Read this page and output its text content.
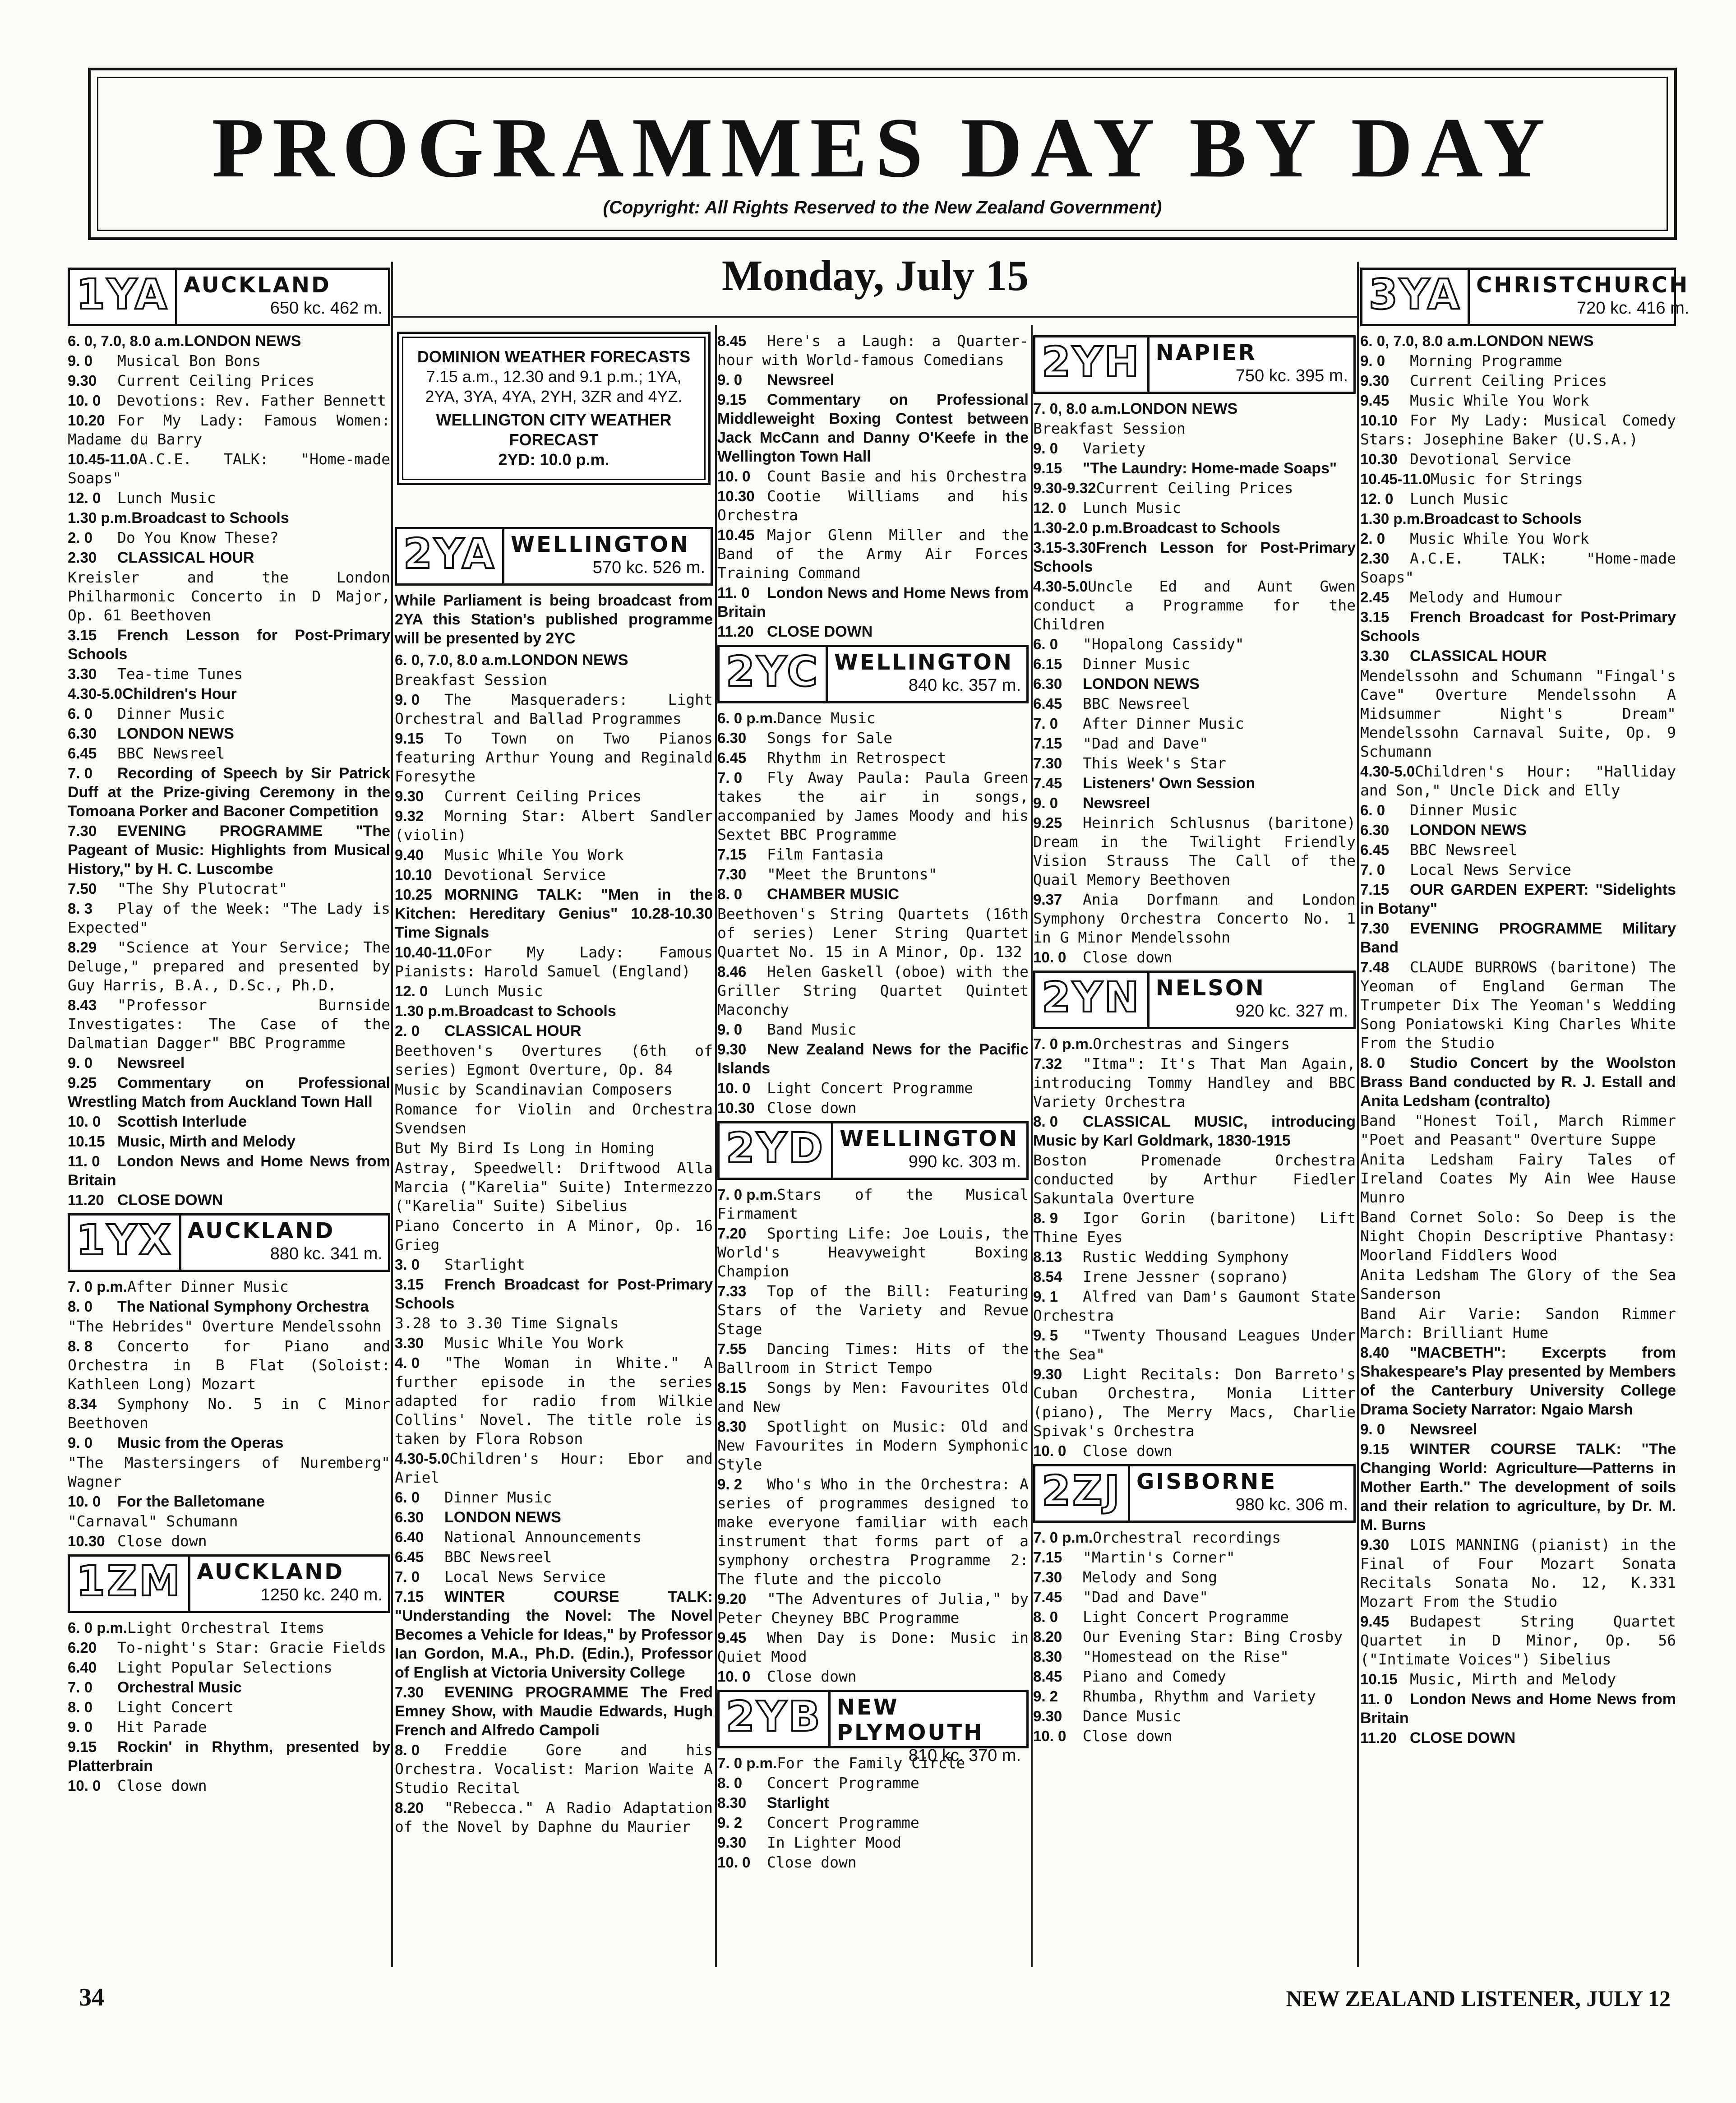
PROGRAMMES DAY BY DAY
(Copyright: All Rights Reserved to the New Zealand Government)
Monday, July 15
1YA AUCKLAND
650 kc. 462 m.
6. 0, 7.0, 8.0 a.m.LONDON NEWS
9. 0Musical Bon Bons
9.30Current Ceiling Prices
10. 0Devotions: Rev. Father Bennett
10.20For My Lady: Famous Women: Madame du Barry
10.45-11.0A.C.E. TALK: "Home-made Soaps"
12. 0Lunch Music
1.30 p.m.Broadcast to Schools
2. 0Do You Know These?
2.30CLASSICAL HOUR
Kreisler and the London Philharmonic Concerto in D Major, Op. 61 Beethoven
3.15French Lesson for Post-Primary Schools
3.30Tea-time Tunes
4.30-5.0Children's Hour
6. 0Dinner Music
6.30LONDON NEWS
6.45BBC Newsreel
7. 0Recording of Speech by Sir Patrick Duff at the Prize-giving Ceremony in the Tomoana Porker and Baconer Competition
7.30EVENING PROGRAMME "The Pageant of Music: Highlights from Musical History," by H. C. Luscombe
7.50"The Shy Plutocrat"
8. 3Play of the Week: "The Lady is Expected"
8.29"Science at Your Service; The Deluge," prepared and presented by Guy Harris, B.A., D.Sc., Ph.D.
8.43"Professor Burnside Investigates: The Case of the Dalmatian Dagger" BBC Programme
9. 0Newsreel
9.25Commentary on Professional Wrestling Match from Auckland Town Hall
10. 0Scottish Interlude
10.15Music, Mirth and Melody
11. 0London News and Home News from Britain
11.20CLOSE DOWN
1YX AUCKLAND
880 kc. 341 m.
7. 0 p.m.After Dinner Music
8. 0The National Symphony Orchestra
"The Hebrides" Overture Mendelssohn
8. 8Concerto for Piano and Orchestra in B Flat (Soloist: Kathleen Long) Mozart
8.34Symphony No. 5 in C Minor Beethoven
9. 0Music from the Operas
"The Mastersingers of Nuremberg" Wagner
10. 0For the Balletomane
"Carnaval" Schumann
10.30Close down
1ZM AUCKLAND
1250 kc. 240 m.
6. 0 p.m.Light Orchestral Items
6.20To-night's Star: Gracie Fields
6.40Light Popular Selections
7. 0Orchestral Music
8. 0Light Concert
9. 0Hit Parade
9.15Rockin' in Rhythm, presented by Platterbrain
10. 0Close down
DOMINION WEATHER FORECASTS
7.15 a.m., 12.30 and 9.1 p.m.; 1YA, 2YA, 3YA, 4YA, 2YH, 3ZR and 4YZ.
WELLINGTON CITY WEATHER FORECAST
2YD: 10.0 p.m.
2YA WELLINGTON
570 kc. 526 m.
While Parliament is being broadcast from 2YA this Station's published programme will be presented by 2YC
6. 0, 7.0, 8.0 a.m.LONDON NEWS
Breakfast Session
9. 0The Masqueraders: Light Orchestral and Ballad Programmes
9.15To Town on Two Pianos featuring Arthur Young and Reginald Foresythe
9.30Current Ceiling Prices
9.32Morning Star: Albert Sandler (violin)
9.40Music While You Work
10.10Devotional Service
10.25MORNING TALK: "Men in the Kitchen: Hereditary Genius" 10.28-10.30 Time Signals
10.40-11.0For My Lady: Famous Pianists: Harold Samuel (England)
12. 0Lunch Music
1.30 p.m.Broadcast to Schools
2. 0CLASSICAL HOUR
Beethoven's Overtures (6th of series) Egmont Overture, Op. 84
Music by Scandinavian Composers
Romance for Violin and Orchestra Svendsen
But My Bird Is Long in Homing
Astray, Speedwell: Driftwood Alla Marcia ("Karelia" Suite) Intermezzo ("Karelia" Suite) Sibelius
Piano Concerto in A Minor, Op. 16 Grieg
3. 0Starlight
3.15French Broadcast for Post-Primary Schools
3.28 to 3.30 Time Signals
3.30Music While You Work
4. 0"The Woman in White." A further episode in the series adapted for radio from Wilkie Collins' Novel. The title role is taken by Flora Robson
4.30-5.0Children's Hour: Ebor and Ariel
6. 0Dinner Music
6.30LONDON NEWS
6.40National Announcements
6.45BBC Newsreel
7. 0Local News Service
7.15WINTER COURSE TALK: "Understanding the Novel: The Novel Becomes a Vehicle for Ideas," by Professor Ian Gordon, M.A., Ph.D. (Edin.), Professor of English at Victoria University College
7.30EVENING PROGRAMME The Fred Emney Show, with Maudie Edwards, Hugh French and Alfredo Campoli
8. 0Freddie Gore and his Orchestra. Vocalist: Marion Waite A Studio Recital
8.20"Rebecca." A Radio Adaptation of the Novel by Daphne du Maurier
8.45Here's a Laugh: a Quarter-hour with World-famous Comedians
9. 0Newsreel
9.15Commentary on Professional Middleweight Boxing Contest between Jack McCann and Danny O'Keefe in the Wellington Town Hall
10. 0Count Basie and his Orchestra
10.30Cootie Williams and his Orchestra
10.45Major Glenn Miller and the Band of the Army Air Forces Training Command
11. 0London News and Home News from Britain
11.20CLOSE DOWN
2YC WELLINGTON
840 kc. 357 m.
6. 0 p.m.Dance Music
6.30Songs for Sale
6.45Rhythm in Retrospect
7. 0Fly Away Paula: Paula Green takes the air in songs, accompanied by James Moody and his Sextet BBC Programme
7.15Film Fantasia
7.30"Meet the Bruntons"
8. 0CHAMBER MUSIC
Beethoven's String Quartets (16th of series) Lener String Quartet Quartet No. 15 in A Minor, Op. 132
8.46Helen Gaskell (oboe) with the Griller String Quartet Quintet Maconchy
9. 0Band Music
9.30New Zealand News for the Pacific Islands
10. 0Light Concert Programme
10.30Close down
2YD WELLINGTON
990 kc. 303 m.
7. 0 p.m.Stars of the Musical Firmament
7.20Sporting Life: Joe Louis, the World's Heavyweight Boxing Champion
7.33Top of the Bill: Featuring Stars of the Variety and Revue Stage
7.55Dancing Times: Hits of the Ballroom in Strict Tempo
8.15Songs by Men: Favourites Old and New
8.30Spotlight on Music: Old and New Favourites in Modern Symphonic Style
9. 2Who's Who in the Orchestra: A series of programmes designed to make everyone familiar with each instrument that forms part of a symphony orchestra Programme 2: The flute and the piccolo
9.20"The Adventures of Julia," by Peter Cheyney BBC Programme
9.45When Day is Done: Music in Quiet Mood
10. 0Close down
2YB NEW PLYMOUTH
810 kc. 370 m.
7. 0 p.m.For the Family Circle
8. 0Concert Programme
8.30Starlight
9. 2Concert Programme
9.30In Lighter Mood
10. 0Close down
2YH NAPIER
750 kc. 395 m.
7. 0, 8.0 a.m.LONDON NEWS
Breakfast Session
9. 0Variety
9.15"The Laundry: Home-made Soaps"
9.30-9.32Current Ceiling Prices
12. 0Lunch Music
1.30-2.0 p.m.Broadcast to Schools
3.15-3.30French Lesson for Post-Primary Schools
4.30-5.0Uncle Ed and Aunt Gwen conduct a Programme for the Children
6. 0"Hopalong Cassidy"
6.15Dinner Music
6.30LONDON NEWS
6.45BBC Newsreel
7. 0After Dinner Music
7.15"Dad and Dave"
7.30This Week's Star
7.45Listeners' Own Session
9. 0Newsreel
9.25Heinrich Schlusnus (baritone) Dream in the Twilight Friendly Vision Strauss The Call of the Quail Memory Beethoven
9.37Ania Dorfmann and London Symphony Orchestra Concerto No. 1 in G Minor Mendelssohn
10. 0Close down
2YN NELSON
920 kc. 327 m.
7. 0 p.m.Orchestras and Singers
7.32"Itma": It's That Man Again, introducing Tommy Handley and BBC Variety Orchestra
8. 0CLASSICAL MUSIC, introducing Music by Karl Goldmark, 1830-1915
Boston Promenade Orchestra conducted by Arthur Fiedler Sakuntala Overture
8. 9Igor Gorin (baritone) Lift Thine Eyes
8.13Rustic Wedding Symphony
8.54Irene Jessner (soprano)
9. 1Alfred van Dam's Gaumont State Orchestra
9. 5"Twenty Thousand Leagues Under the Sea"
9.30Light Recitals: Don Barreto's Cuban Orchestra, Monia Litter (piano), The Merry Macs, Charlie Spivak's Orchestra
10. 0Close down
2ZJ GISBORNE
980 kc. 306 m.
7. 0 p.m.Orchestral recordings
7.15"Martin's Corner"
7.30Melody and Song
7.45"Dad and Dave"
8. 0Light Concert Programme
8.20Our Evening Star: Bing Crosby
8.30"Homestead on the Rise"
8.45Piano and Comedy
9. 2Rhumba, Rhythm and Variety
9.30Dance Music
10. 0Close down
3YA CHRISTCHURCH
720 kc. 416 m.
6. 0, 7.0, 8.0 a.m.LONDON NEWS
9. 0Morning Programme
9.30Current Ceiling Prices
9.45Music While You Work
10.10For My Lady: Musical Comedy Stars: Josephine Baker (U.S.A.)
10.30Devotional Service
10.45-11.0Music for Strings
12. 0Lunch Music
1.30 p.m.Broadcast to Schools
2. 0Music While You Work
2.30A.C.E. TALK: "Home-made Soaps"
2.45Melody and Humour
3.15French Broadcast for Post-Primary Schools
3.30CLASSICAL HOUR
Mendelssohn and Schumann "Fingal's Cave" Overture Mendelssohn A Midsummer Night's Dream" Mendelssohn Carnaval Suite, Op. 9 Schumann
4.30-5.0Children's Hour: "Halliday and Son," Uncle Dick and Elly
6. 0Dinner Music
6.30LONDON NEWS
6.45BBC Newsreel
7. 0Local News Service
7.15OUR GARDEN EXPERT: "Sidelights in Botany"
7.30EVENING PROGRAMME Military Band
7.48CLAUDE BURROWS (baritone) The Yeoman of England German The Trumpeter Dix The Yeoman's Wedding Song Poniatowski King Charles White From the Studio
8. 0Studio Concert by the Woolston Brass Band conducted by R. J. Estall and Anita Ledsham (contralto)
Band "Honest Toil, March Rimmer "Poet and Peasant" Overture Suppe
Anita Ledsham Fairy Tales of Ireland Coates My Ain Wee Hause Munro
Band Cornet Solo: So Deep is the Night Chopin Descriptive Phantasy: Moorland Fiddlers Wood
Anita Ledsham The Glory of the Sea Sanderson
Band Air Varie: Sandon Rimmer March: Brilliant Hume
8.40"MACBETH": Excerpts from Shakespeare's Play presented by Members of the Canterbury University College Drama Society Narrator: Ngaio Marsh
9. 0Newsreel
9.15WINTER COURSE TALK: "The Changing World: Agriculture—Patterns in Mother Earth." The development of soils and their relation to agriculture, by Dr. M. M. Burns
9.30LOIS MANNING (pianist) in the Final of Four Mozart Sonata Recitals Sonata No. 12, K.331 Mozart From the Studio
9.45Budapest String Quartet Quartet in D Minor, Op. 56 ("Intimate Voices") Sibelius
10.15Music, Mirth and Melody
11. 0London News and Home News from Britain
11.20CLOSE DOWN
34	NEW ZEALAND LISTENER, JULY 12
